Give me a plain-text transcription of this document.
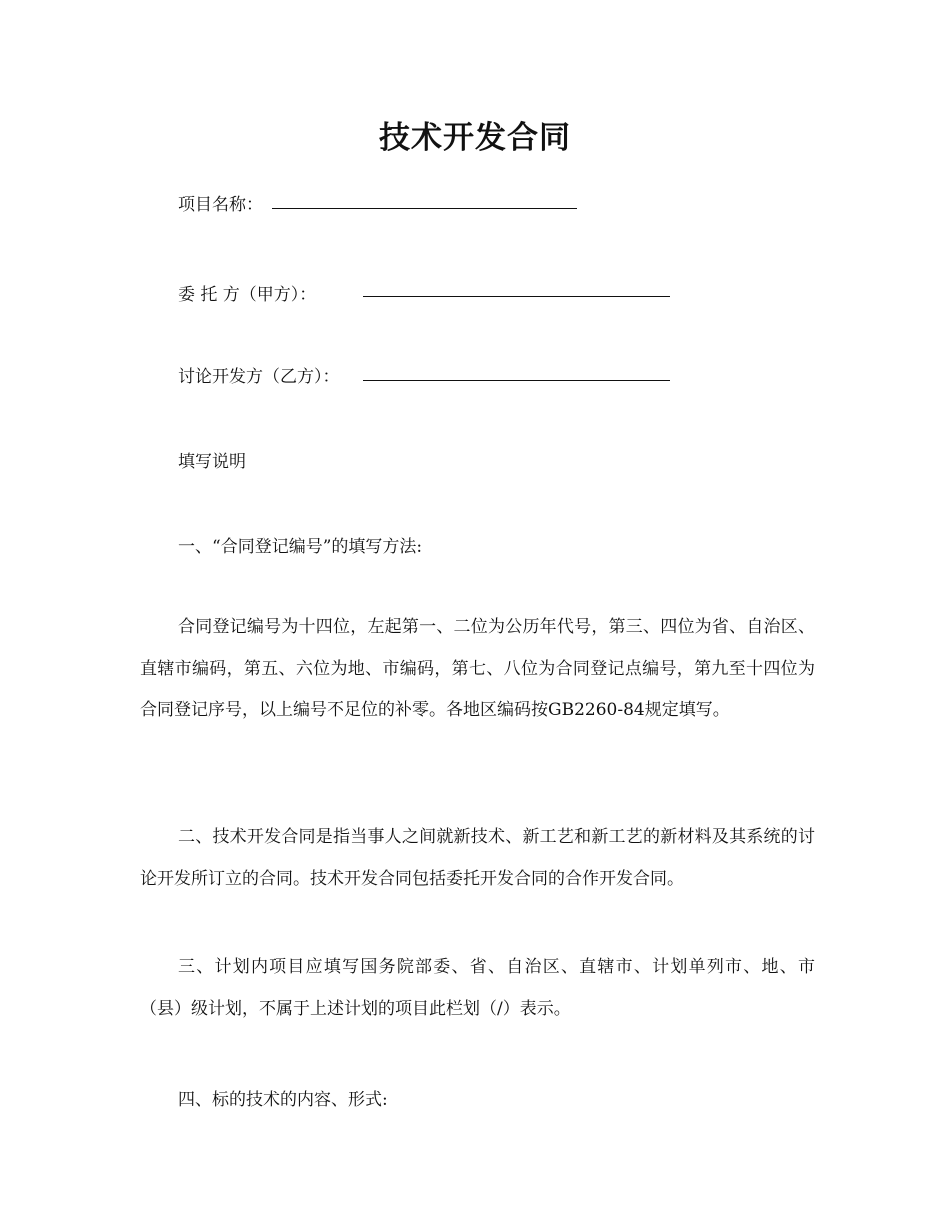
技术开发合同
项目名称：
委 托 方（甲方）：
讨论开发方（乙方）：
填写说明
一、“合同登记编号”的填写方法:
合同登记编号为十四位，左起第一、二位为公历年代号，第三、四位为省、自治区、直辖市编码，第五、六位为地、市编码，第七、八位为合同登记点编号，第九至十四位为合同登记序号，以上编号不足位的补零。各地区编码按GB2260-84规定填写。
二、技术开发合同是指当事人之间就新技术、新工艺和新工艺的新材料及其系统的讨论开发所订立的合同。技术开发合同包括委托开发合同的合作开发合同。
三、计划内项目应填写国务院部委、省、自治区、直辖市、计划单列市、地、市（县）级计划，不属于上述计划的项目此栏划（/）表示。
四、标的技术的内容、形式:
